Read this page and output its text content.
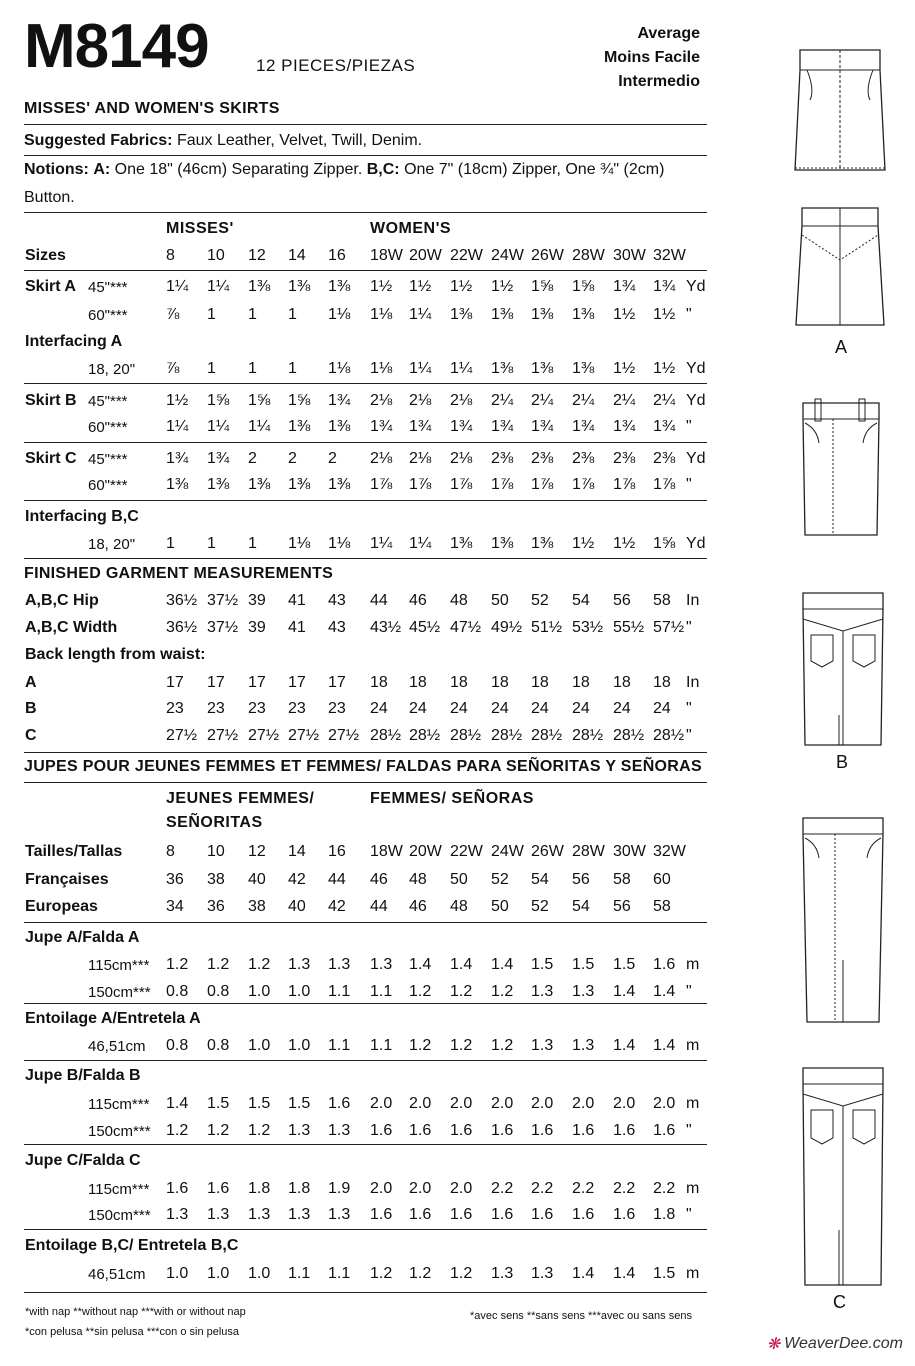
M8149	12 PIECES/PIEZAS
Average
Moins Facile
Intermedio
MISSES' AND WOMEN'S SKIRTS
Suggested Fabrics: Faux Leather, Velvet, Twill, Denim.
Notions: A: One 18" (46cm) Separating Zipper. B,C: One 7" (18cm) Zipper, One ¾" (2cm)
Button.
MISSES'	WOMEN'S
Sizes	8 10 12 14 16 18W 20W 22W 24W 26W 28W 30W 32W
Skirt A 45"*** 1¼ 1¼ 1⅜ 1⅜ 1⅜ 1½ 1½ 1½ 1½ 1⅝ 1⅝ 1¾ 1¾ Yd
60"*** ⅞ 1 1 1 1⅛ 1⅛ 1¼ 1⅜ 1⅜ 1⅜ 1⅜ 1½ 1½ "
Interfacing A
18, 20" ⅞ 1 1 1 1⅛ 1⅛ 1¼ 1¼ 1⅜ 1⅜ 1⅜ 1½ 1½ Yd
Skirt B 45"*** 1½ 1⅝ 1⅝ 1⅝ 1¾ 2⅛ 2⅛ 2⅛ 2¼ 2¼ 2¼ 2¼ 2¼ Yd
60"*** 1¼ 1¼ 1¼ 1⅜ 1⅜ 1¾ 1¾ 1¾ 1¾ 1¾ 1¾ 1¾ 1¾ "
Skirt C 45"*** 1¾ 1¾ 2 2 2 2⅛ 2⅛ 2⅛ 2⅜ 2⅜ 2⅜ 2⅜ 2⅜ Yd
60"*** 1⅜ 1⅜ 1⅜ 1⅜ 1⅜ 1⅞ 1⅞ 1⅞ 1⅞ 1⅞ 1⅞ 1⅞ 1⅞ "
Interfacing B,C
18, 20" 1 1 1 1⅛ 1⅛ 1¼ 1¼ 1⅜ 1⅜ 1⅜ 1½ 1½ 1⅝ Yd
FINISHED GARMENT MEASUREMENTS
A,B,C Hip	36½ 37½ 39 41 43 44 46 48 50 52 54 56 58 In
A,B,C Width	36½ 37½ 39 41 43 43½ 45½ 47½ 49½ 51½ 53½ 55½ 57½ "
Back length from waist:
A	17 17 17 17 17 18 18 18 18 18 18 18 18 In
B	23 23 23 23 23 24 24 24 24 24 24 24 24 "
C	27½ 27½ 27½ 27½ 27½ 28½ 28½ 28½ 28½ 28½ 28½ 28½ 28½ "
JUPES POUR JEUNES FEMMES ET FEMMES/ FALDAS PARA SEÑORITAS Y SEÑORAS
JEUNES FEMMES/
SEÑORITAS
FEMMES/ SEÑORAS
Tailles/Tallas	8 10 12 14 16 18W 20W 22W 24W 26W 28W 30W 32W
Françaises	36 38 40 42 44 46 48 50 52 54 56 58 60
Europeas	34 36 38 40 42 44 46 48 50 52 54 56 58
Jupe A/Falda A
115cm*** 1.2 1.2 1.2 1.3 1.3 1.3 1.4 1.4 1.4 1.5 1.5 1.5 1.6 m
150cm*** 0.8 0.8 1.0 1.0 1.1 1.1 1.2 1.2 1.2 1.3 1.3 1.4 1.4 "
Entoilage A/Entretela A
46,51cm 0.8 0.8 1.0 1.0 1.1 1.1 1.2 1.2 1.2 1.3 1.3 1.4 1.4 m
Jupe B/Falda B
115cm*** 1.4 1.5 1.5 1.5 1.6 2.0 2.0 2.0 2.0 2.0 2.0 2.0 2.0 m
150cm*** 1.2 1.2 1.2 1.3 1.3 1.6 1.6 1.6 1.6 1.6 1.6 1.6 1.6 "
Jupe C/Falda C
115cm*** 1.6 1.6 1.8 1.8 1.9 2.0 2.0 2.0 2.2 2.2 2.2 2.2 2.2 m
150cm*** 1.3 1.3 1.3 1.3 1.3 1.6 1.6 1.6 1.6 1.6 1.6 1.6 1.8 "
Entoilage B,C/ Entretela B,C
46,51cm 1.0 1.0 1.0 1.1 1.1 1.2 1.2 1.2 1.3 1.3 1.4 1.4 1.5 m
*with nap **without nap ***with or without nap
*con pelusa **sin pelusa ***con o sin pelusa
*avec sens **sans sens ***avec ou sans sens
A
B
C
❋ WeaverDee.com
